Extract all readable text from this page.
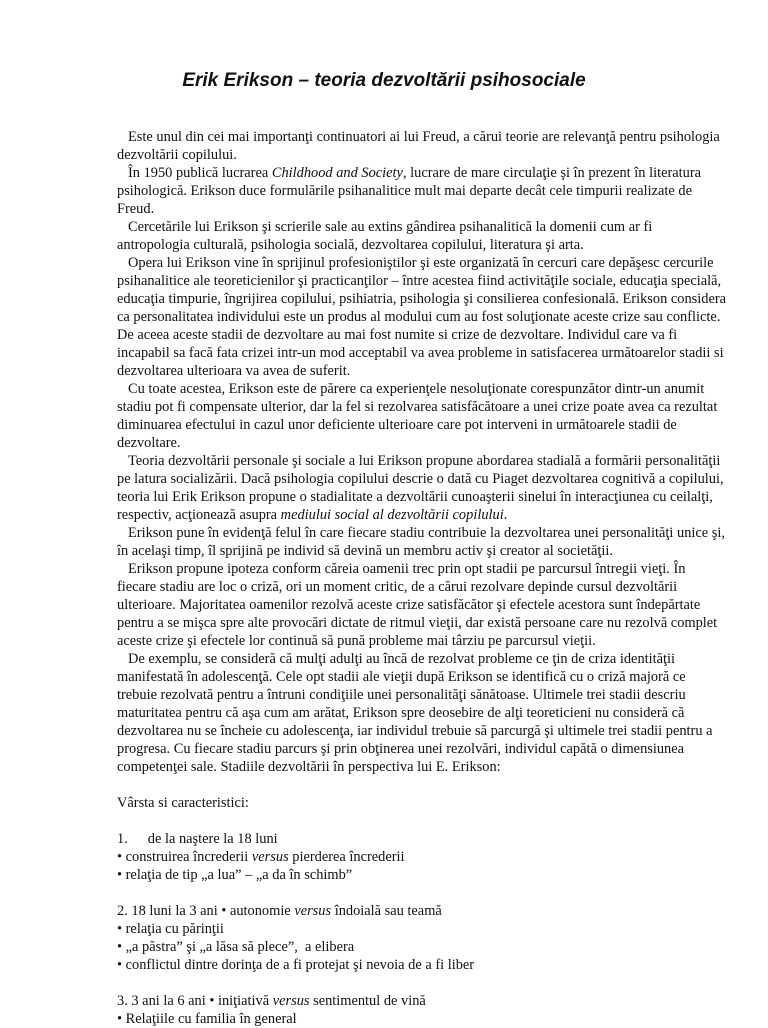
Erik Erikson – teoria dezvoltării psihosociale

Este unul din cei mai importanţi continuatori ai lui Freud, a cărui teorie are relevanţă pentru psihologia dezvoltării copilului.

În 1950 publică lucrarea Childhood and Society, lucrare de mare circulaţie şi în prezent în literatura psihologică. Erikson duce formulările psihanalitice mult mai departe decât cele timpurii realizate de Freud.

Cercetările lui Erikson şi scrierile sale au extins gândirea psihanalitică la domenii cum ar fi antropologia culturală, psihologia socială, dezvoltarea copilului, literatura şi arta.

Opera lui Erikson vine în sprijinul profesioniştilor şi este organizată în cercuri care depăşesc cercurile psihanalitice ale teoreticienilor şi practicanţilor – între acestea fiind activităţile sociale, educaţia specială, educaţia timpurie, îngrijirea copilului, psihiatria, psihologia şi consilierea confesională. Erikson considera ca personalitatea individului este un produs al modului cum au fost soluţionate aceste crize sau conflicte. De aceea aceste stadii de dezvoltare au mai fost numite si crize de dezvoltare. Individul care va fi incapabil sa facă fata crizei intr-un mod acceptabil va avea probleme in satisfacerea următoarelor stadii si dezvoltarea ulterioara va avea de suferit.

Cu toate acestea, Erikson este de părere ca experienţele nesoluţionate corespunzător dintr-un anumit stadiu pot fi compensate ulterior, dar la fel si rezolvarea satisfăcătoare a unei crize poate avea ca rezultat diminuarea efectului in cazul unor deficiente ulterioare care pot interveni in următoarele stadii de dezvoltare.

Teoria dezvoltării personale şi sociale a lui Erikson propune abordarea stadială a formării personalităţii pe latura socializării. Dacă psihologia copilului descrie o dată cu Piaget dezvoltarea cognitivă a copilului, teoria lui Erik Erikson propune o stadialitate a dezvoltării cunoaşterii sinelui în interacţiunea cu ceilalţi, respectiv, acţionează asupra mediului social al dezvoltării copilului.

Erikson pune în evidenţă felul în care fiecare stadiu contribuie la dezvoltarea unei personalităţi unice şi, în acelaşi timp, îl sprijină pe individ să devină un membru activ şi creator al societăţii.

Erikson propune ipoteza conform căreia oamenii trec prin opt stadii pe parcursul întregii vieţi. În fiecare stadiu are loc o criză, ori un moment critic, de a cărui rezolvare depinde cursul dezvoltării ulterioare. Majoritatea oamenilor rezolvă aceste crize satisfăcător şi efectele acestora sunt îndepărtate pentru a se mişca spre alte provocări dictate de ritmul vieţii, dar există persoane care nu rezolvă complet aceste crize şi efectele lor continuă să pună probleme mai târziu pe parcursul vieţii.

De exemplu, se consideră că mulţi adulţi au încă de rezolvat probleme ce ţin de criza identităţii manifestată în adolescenţă. Cele opt stadii ale vieţii după Erikson se identifică cu o criză majoră ce trebuie rezolvată pentru a întruni condiţiile unei personalităţi sănătoase. Ultimele trei stadii descriu maturitatea pentru că aşa cum am arătat, Erikson spre deosebire de alţi teoreticieni nu consideră că dezvoltarea nu se încheie cu adolescenţa, iar individul trebuie să parcurgă şi ultimele trei stadii pentru a progresa. Cu fiecare stadiu parcurs şi prin obţinerea unei rezolvări, individul capătă o dimensiunea competenţei sale. Stadiile dezvoltării în perspectiva lui E. Erikson:

Vârsta si caracteristici:

1. de la naştere la 18 luni

• construirea încrederii versus pierderea încrederii

• relaţia de tip „a lua” – „a da în schimb”

2. 18 luni la 3 ani • autonomie versus îndoială sau teamă

• relaţia cu părinţii

• „a păstra” şi „a lăsa să plece”,  a elibera

• conflictul dintre dorinţa de a fi protejat şi nevoia de a fi liber

3. 3 ani la 6 ani • iniţiativă versus sentimentul de vină

• Relaţiile cu familia în general
